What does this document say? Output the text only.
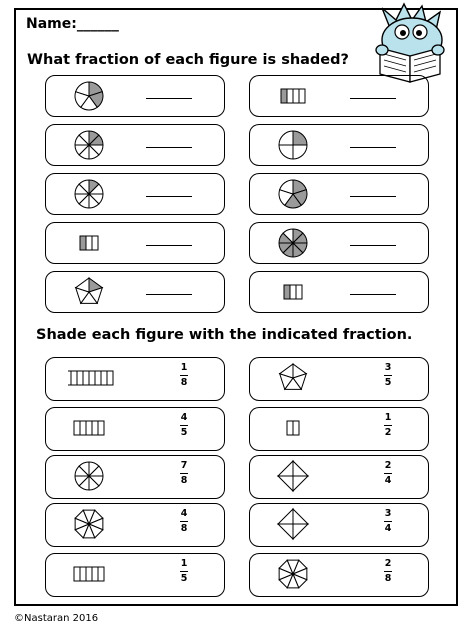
Name:______
What fraction of each figure is shaded?
Shade each figure with the indicated fraction.
1
8
3
5
4
5
1
2
7
8
2
4
4
8
3
4
1
5
2
8
©Nastaran 2016
